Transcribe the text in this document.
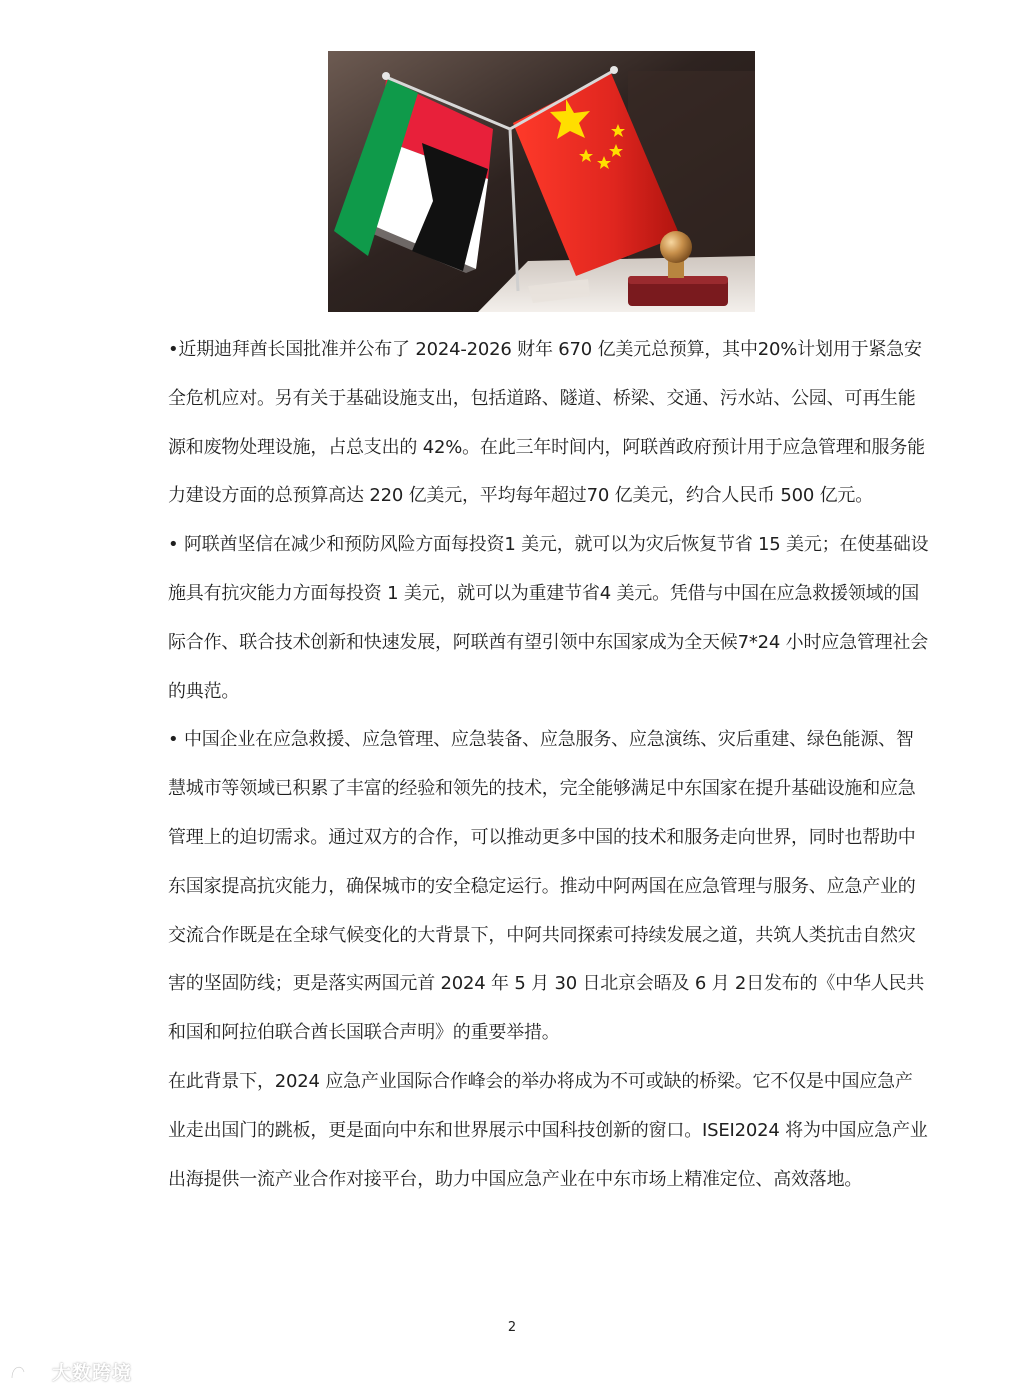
•近期迪拜酋长国批准并公布了 2024-2026 财年 670 亿美元总预算，其中20%计划用于紧急安全危机应对。另有关于基础设施支出，包括道路、隧道、桥梁、交通、污水站、公园、可再生能源和废物处理设施，占总支出的 42%。在此三年时间内，阿联酋政府预计用于应急管理和服务能力建设方面的总预算高达 220 亿美元，平均每年超过70 亿美元，约合人民币 500 亿元。

• 阿联酋坚信在减少和预防风险方面每投资1 美元，就可以为灾后恢复节省 15 美元；在使基础设施具有抗灾能力方面每投资 1 美元，就可以为重建节省4 美元。凭借与中国在应急救援领域的国际合作、联合技术创新和快速发展，阿联酋有望引领中东国家成为全天候7*24 小时应急管理社会的典范。

• 中国企业在应急救援、应急管理、应急装备、应急服务、应急演练、灾后重建、绿色能源、智慧城市等领域已积累了丰富的经验和领先的技术，完全能够满足中东国家在提升基础设施和应急管理上的迫切需求。通过双方的合作，可以推动更多中国的技术和服务走向世界，同时也帮助中东国家提高抗灾能力，确保城市的安全稳定运行。推动中阿两国在应急管理与服务、应急产业的交流合作既是在全球气候变化的大背景下，中阿共同探索可持续发展之道，共筑人类抗击自然灾害的坚固防线；更是落实两国元首 2024 年 5 月 30 日北京会晤及 6 月 2日发布的《中华人民共和国和阿拉伯联合酋长国联合声明》的重要举措。

在此背景下，2024 应急产业国际合作峰会的举办将成为不可或缺的桥梁。它不仅是中国应急产业走出国门的跳板，更是面向中东和世界展示中国科技创新的窗口。ISEI2024 将为中国应急产业出海提供一流产业合作对接平台，助力中国应急产业在中东市场上精准定位、高效落地。

2
大数跨境
